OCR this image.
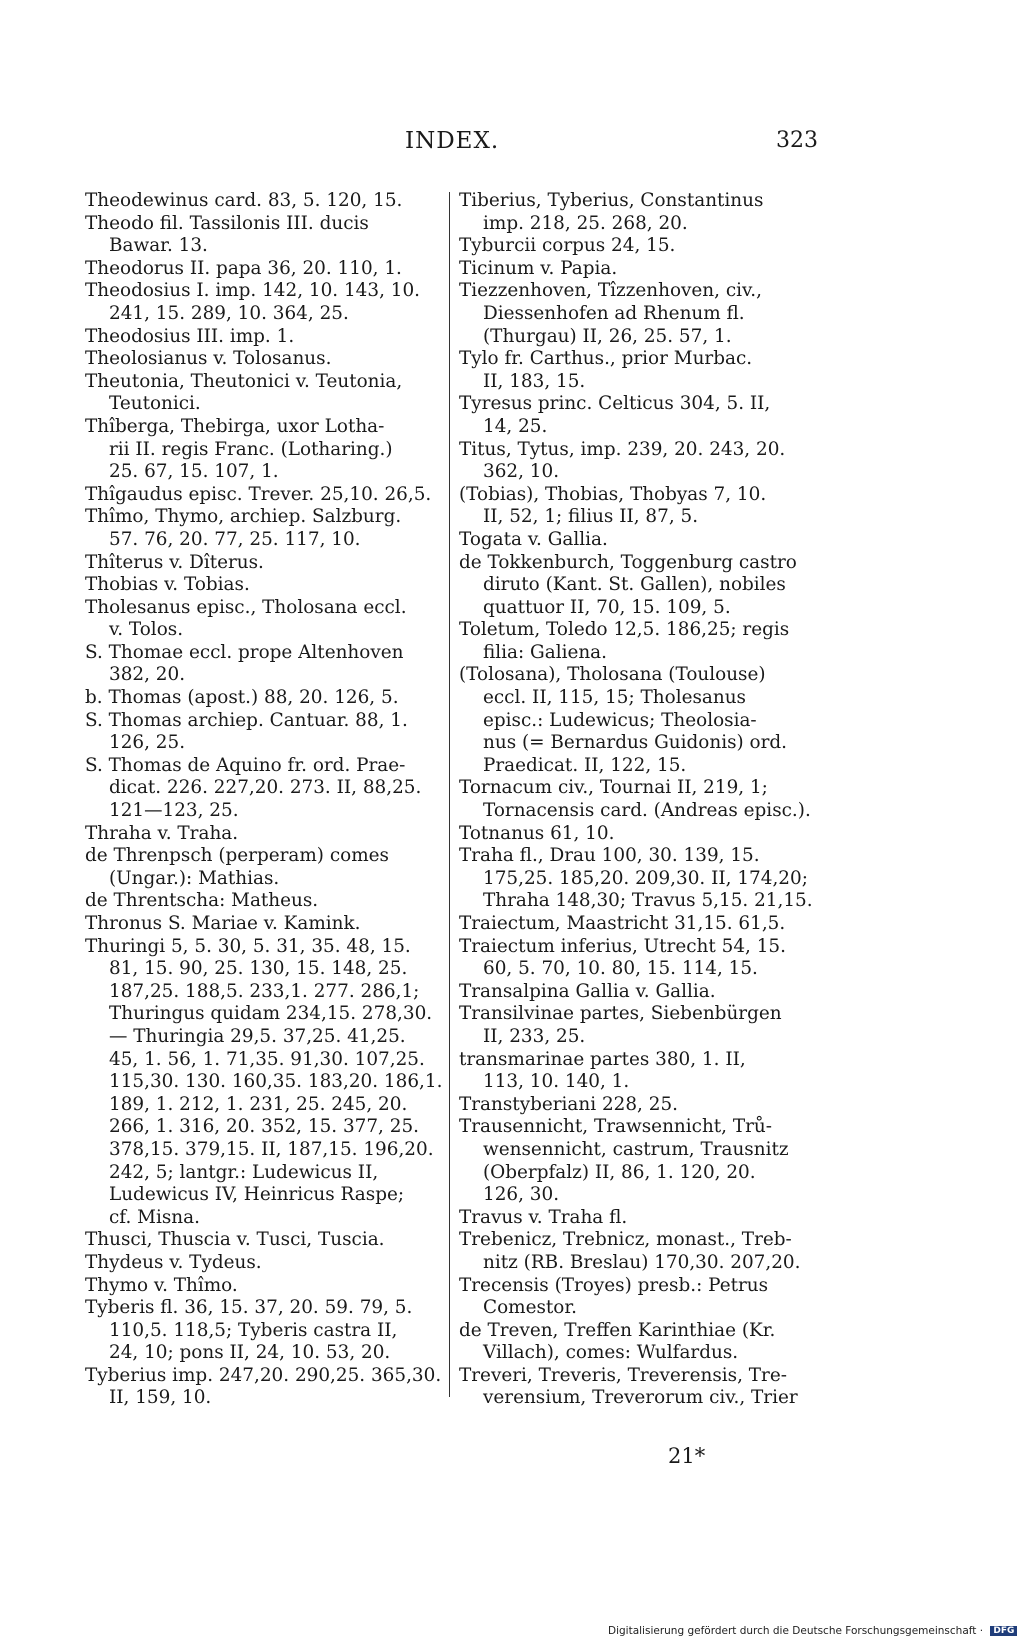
INDEX.	323
Theodewinus card. 83, 5. 120, 15.
Theodo fil. Tassilonis III. ducis
Bawar. 13.
Theodorus II. papa 36, 20. 110, 1.
Theodosius I. imp. 142, 10. 143, 10.
241, 15. 289, 10. 364, 25.
Theodosius III. imp. 1.
Theolosianus v. Tolosanus.
Theutonia, Theutonici v. Teutonia,
Teutonici.
Thîberga, Thebirga, uxor Lotha-
rii II. regis Franc. (Lotharing.)
25. 67, 15. 107, 1.
Thîgaudus episc. Trever. 25,10. 26,5.
Thîmo, Thymo, archiep. Salzburg.
57. 76, 20. 77, 25. 117, 10.
Thîterus v. Dîterus.
Thobias v. Tobias.
Tholesanus episc., Tholosana eccl.
v. Tolos.
S. Thomae eccl. prope Altenhoven
382, 20.
b. Thomas (apost.) 88, 20. 126, 5.
S. Thomas archiep. Cantuar. 88, 1.
126, 25.
S. Thomas de Aquino fr. ord. Prae-
dicat. 226. 227,20. 273. II, 88,25.
121—123, 25.
Thraha v. Traha.
de Threnpsch (perperam) comes
(Ungar.): Mathias.
de Threntscha: Matheus.
Thronus S. Mariae v. Kamink.
Thuringi 5, 5. 30, 5. 31, 35. 48, 15.
81, 15. 90, 25. 130, 15. 148, 25.
187,25. 188,5. 233,1. 277. 286,1;
Thuringus quidam 234,15. 278,30.
— Thuringia 29,5. 37,25. 41,25.
45, 1. 56, 1. 71,35. 91,30. 107,25.
115,30. 130. 160,35. 183,20. 186,1.
189, 1. 212, 1. 231, 25. 245, 20.
266, 1. 316, 20. 352, 15. 377, 25.
378,15. 379,15. II, 187,15. 196,20.
242, 5; lantgr.: Ludewicus II,
Ludewicus IV, Heinricus Raspe;
cf. Misna.
Thusci, Thuscia v. Tusci, Tuscia.
Thydeus v. Tydeus.
Thymo v. Thîmo.
Tyberis fl. 36, 15. 37, 20. 59. 79, 5.
110,5. 118,5; Tyberis castra II,
24, 10; pons II, 24, 10. 53, 20.
Tyberius imp. 247,20. 290,25. 365,30.
II, 159, 10.
Tiberius, Tyberius, Constantinus
imp. 218, 25. 268, 20.
Tyburcii corpus 24, 15.
Ticinum v. Papia.
Tiezzenhoven, Tîzzenhoven, civ.,
Diessenhofen ad Rhenum fl.
(Thurgau) II, 26, 25. 57, 1.
Tylo fr. Carthus., prior Murbac.
II, 183, 15.
Tyresus princ. Celticus 304, 5. II,
14, 25.
Titus, Tytus, imp. 239, 20. 243, 20.
362, 10.
(Tobias), Thobias, Thobyas 7, 10.
II, 52, 1; filius II, 87, 5.
Togata v. Gallia.
de Tokkenburch, Toggenburg castro
diruto (Kant. St. Gallen), nobiles
quattuor II, 70, 15. 109, 5.
Toletum, Toledo 12,5. 186,25; regis
filia: Galiena.
(Tolosana), Tholosana (Toulouse)
eccl. II, 115, 15; Tholesanus
episc.: Ludewicus; Theolosia-
nus (= Bernardus Guidonis) ord.
Praedicat. II, 122, 15.
Tornacum civ., Tournai II, 219, 1;
Tornacensis card. (Andreas episc.).
Totnanus 61, 10.
Traha fl., Drau 100, 30. 139, 15.
175,25. 185,20. 209,30. II, 174,20;
Thraha 148,30; Travus 5,15. 21,15.
Traiectum, Maastricht 31,15. 61,5.
Traiectum inferius, Utrecht 54, 15.
60, 5. 70, 10. 80, 15. 114, 15.
Transalpina Gallia v. Gallia.
Transilvinae partes, Siebenbürgen
II, 233, 25.
transmarinae partes 380, 1. II,
113, 10. 140, 1.
Transtyberiani 228, 25.
Trausennicht, Trawsennicht, Trů-
wensennicht, castrum, Trausnitz
(Oberpfalz) II, 86, 1. 120, 20.
126, 30.
Travus v. Traha fl.
Trebenicz, Trebnicz, monast., Treb-
nitz (RB. Breslau) 170,30. 207,20.
Trecensis (Troyes) presb.: Petrus
Comestor.
de Treven, Treffen Karinthiae (Kr.
Villach), comes: Wulfardus.
Treveri, Treveris, Treverensis, Tre-
verensium, Treverorum civ., Trier
21*
Digitalisierung gefördert durch die Deutsche Forschungsgemeinschaft · DFG
